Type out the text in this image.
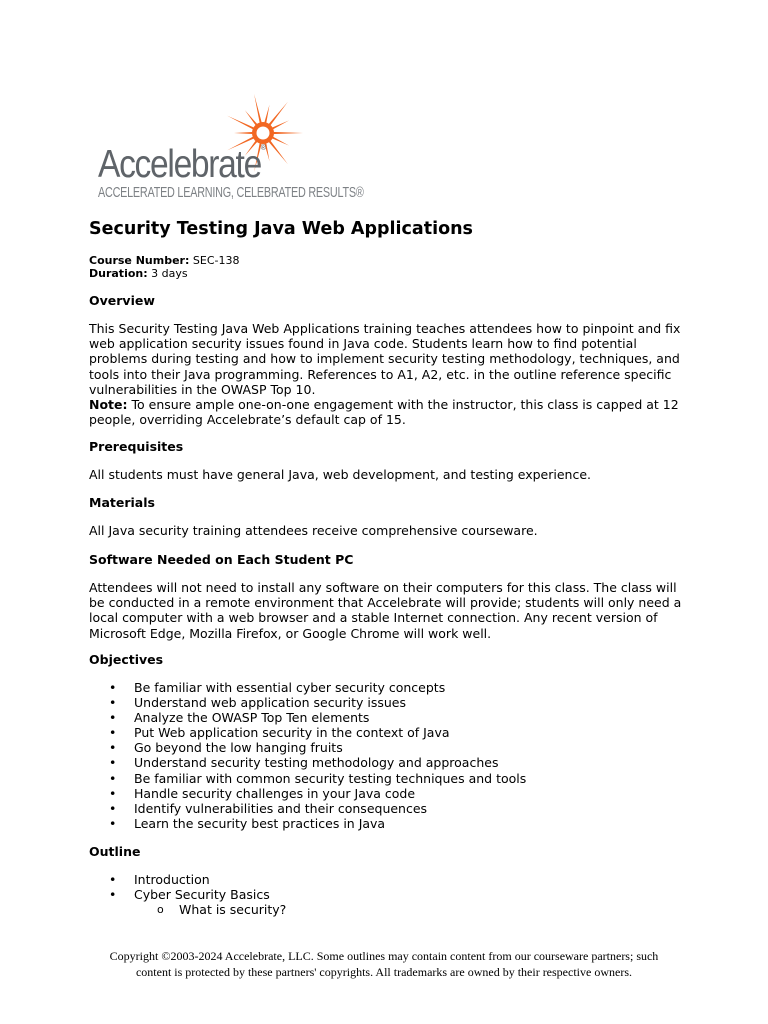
Accelebrate®
ACCELERATED LEARNING, CELEBRATED RESULTS®
Security Testing Java Web Applications
Course Number: SEC-138
Duration: 3 days
Overview
This Security Testing Java Web Applications training teaches attendees how to pinpoint and fix web application security issues found in Java code. Students learn how to find potential problems during testing and how to implement security testing methodology, techniques, and tools into their Java programming. References to A1, A2, etc. in the outline reference specific vulnerabilities in the OWASP Top 10.
Note: To ensure ample one-on-one engagement with the instructor, this class is capped at 12 people, overriding Accelebrate’s default cap of 15.
Prerequisites

All students must have general Java, web development, and testing experience.

Materials

All Java security training attendees receive comprehensive courseware.

Software Needed on Each Student PC

Attendees will not need to install any software on their computers for this class. The class will be conducted in a remote environment that Accelebrate will provide; students will only need a local computer with a web browser and a stable Internet connection. Any recent version of Microsoft Edge, Mozilla Firefox, or Google Chrome will work well.

Objectives
• Be familiar with essential cyber security concepts
• Understand web application security issues
• Analyze the OWASP Top Ten elements
• Put Web application security in the context of Java
• Go beyond the low hanging fruits
• Understand security testing methodology and approaches
• Be familiar with common security testing techniques and tools
• Handle security challenges in your Java code
• Identify vulnerabilities and their consequences
• Learn the security best practices in Java
Outline
• Introduction
• Cyber Security Basics
o What is security?
Copyright ©2003-2024 Accelebrate, LLC. Some outlines may contain content from our courseware partners; such
content is protected by these partners' copyrights. All trademarks are owned by their respective owners.
